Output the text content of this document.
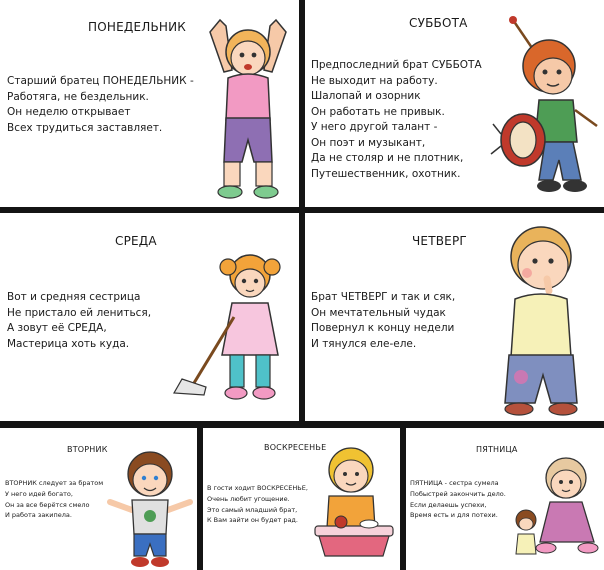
ПОНЕДЕЛЬНИК
Старший братец ПОНЕДЕЛЬНИК -
Работяга, не бездельник.
Он неделю открывает
Всех трудиться заставляет.
СУББОТА
Предпоследний брат СУББОТА
Не выходит на работу.
Шалопай и озорник
Он работать не привык.
У него другой талант -
Он поэт и музыкант,
Да не столяр и не плотник,
Путешественник, охотник.
СРЕДА
Вот и средняя сестрица
Не пристало ей лениться,
А зовут её СРЕДА,
Мастерица хоть куда.
ЧЕТВЕРГ
Брат ЧЕТВЕРГ и так и сяк,
Он мечтательный чудак
Повернул к концу недели
И тянулся еле-еле.
ВТОРНИК
ВТОРНИК следует за братом
У него идей богато,
Он за все берётся смело
И работа закипела.
ВОСКРЕСЕНЬЕ
В гости ходит ВОСКРЕСЕНЬЕ,
Очень любит угощение.
Это самый младший брат,
К Вам зайти он будет рад.
ПЯТНИЦА
ПЯТНИЦА - сестра сумела
Побыстрей закончить дело.
Если делаешь успехи,
Время есть и для потехи.
